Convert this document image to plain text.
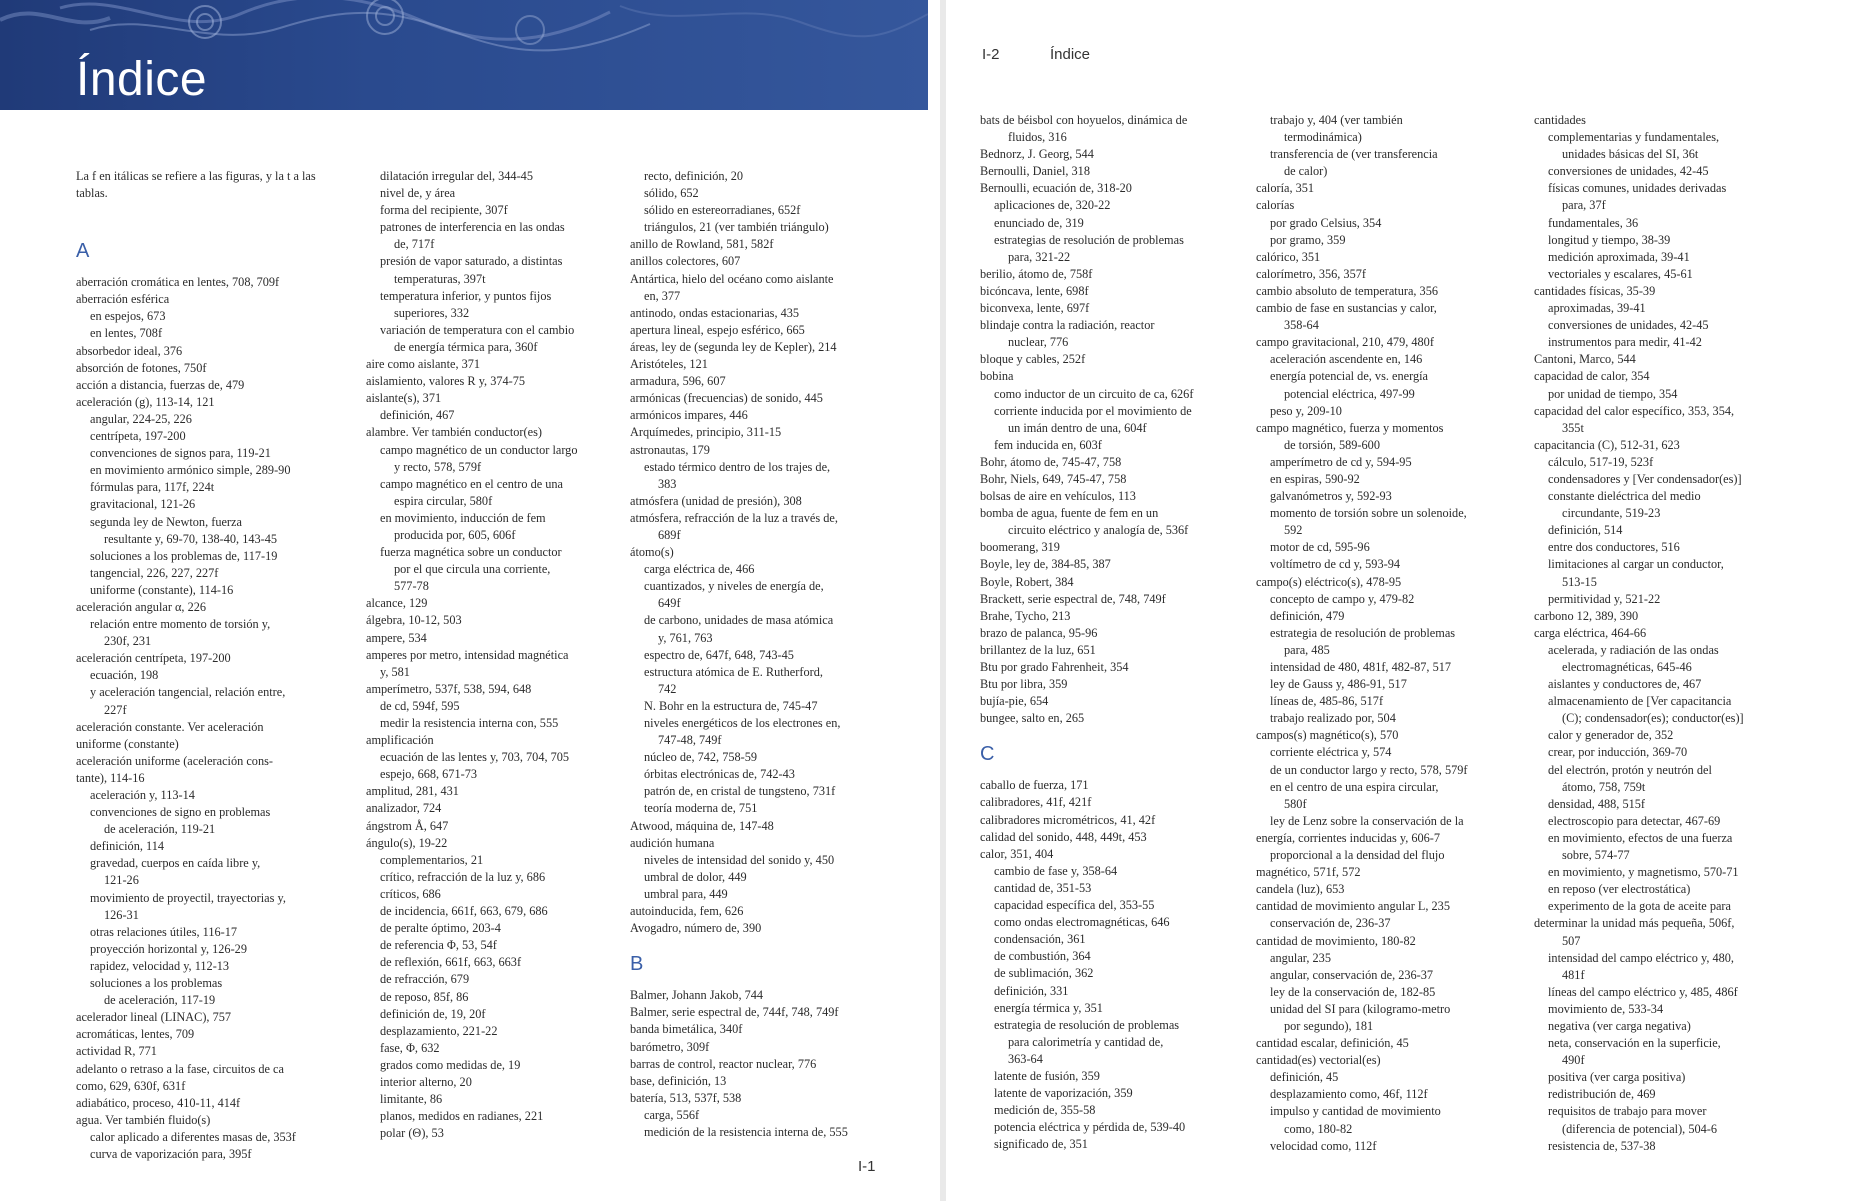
Índice
La f en itálicas se refiere a las figuras, y la t a las tablas.
A
aberración cromática en lentes, 708, 709f
aberración esférica
en espejos, 673
en lentes, 708f
absorbedor ideal, 376
absorción de fotones, 750f
acción a distancia, fuerzas de, 479
aceleración (g), 113-14, 121
angular, 224-25, 226
centrípeta, 197-200
convenciones de signos para, 119-21
en movimiento armónico simple, 289-90
fórmulas para, 117f, 224t
gravitacional, 121-26
segunda ley de Newton, fuerza
resultante y, 69-70, 138-40, 143-45
soluciones a los problemas de, 117-19
tangencial, 226, 227, 227f
uniforme (constante), 114-16
aceleración angular α, 226
relación entre momento de torsión y,
230f, 231
aceleración centrípeta, 197-200
ecuación, 198
y aceleración tangencial, relación entre,
227f
aceleración constante. Ver aceleración
uniforme (constante)
aceleración uniforme (aceleración cons-
tante), 114-16
aceleración y, 113-14
convenciones de signo en problemas
de aceleración, 119-21
definición, 114
gravedad, cuerpos en caída libre y,
121-26
movimiento de proyectil, trayectorias y,
126-31
otras relaciones útiles, 116-17
proyección horizontal y, 126-29
rapidez, velocidad y, 112-13
soluciones a los problemas
de aceleración, 117-19
acelerador lineal (LINAC), 757
acromáticas, lentes, 709
actividad R, 771
adelanto o retraso a la fase, circuitos de ca
como, 629, 630f, 631f
adiabático, proceso, 410-11, 414f
agua. Ver también fluido(s)
calor aplicado a diferentes masas de, 353f
curva de vaporización para, 395f
dilatación irregular del, 344-45
nivel de, y área
forma del recipiente, 307f
patrones de interferencia en las ondas
de, 717f
presión de vapor saturado, a distintas
temperaturas, 397t
temperatura inferior, y puntos fijos
superiores, 332
variación de temperatura con el cambio
de energía térmica para, 360f
aire como aislante, 371
aislamiento, valores R y, 374-75
aislante(s), 371
definición, 467
alambre. Ver también conductor(es)
campo magnético de un conductor largo
y recto, 578, 579f
campo magnético en el centro de una
espira circular, 580f
en movimiento, inducción de fem
producida por, 605, 606f
fuerza magnética sobre un conductor
por el que circula una corriente,
577-78
alcance, 129
álgebra, 10-12, 503
ampere, 534
amperes por metro, intensidad magnética
y, 581
amperímetro, 537f, 538, 594, 648
de cd, 594f, 595
medir la resistencia interna con, 555
amplificación
ecuación de las lentes y, 703, 704, 705
espejo, 668, 671-73
amplitud, 281, 431
analizador, 724
ángstrom Å, 647
ángulo(s), 19-22
complementarios, 21
crítico, refracción de la luz y, 686
críticos, 686
de incidencia, 661f, 663, 679, 686
de peralte óptimo, 203-4
de referencia Φ, 53, 54f
de reflexión, 661f, 663, 663f
de refracción, 679
de reposo, 85f, 86
definición de, 19, 20f
desplazamiento, 221-22
fase, Φ, 632
grados como medidas de, 19
interior alterno, 20
limitante, 86
planos, medidos en radianes, 221
polar (Θ), 53
recto, definición, 20
sólido, 652
sólido en estereorradianes, 652f
triángulos, 21 (ver también triángulo)
anillo de Rowland, 581, 582f
anillos colectores, 607
Antártica, hielo del océano como aislante
en, 377
antinodo, ondas estacionarias, 435
apertura lineal, espejo esférico, 665
áreas, ley de (segunda ley de Kepler), 214
Aristóteles, 121
armadura, 596, 607
armónicas (frecuencias) de sonido, 445
armónicos impares, 446
Arquímedes, principio, 311-15
astronautas, 179
estado térmico dentro de los trajes de,
383
atmósfera (unidad de presión), 308
atmósfera, refracción de la luz a través de,
689f
átomo(s)
carga eléctrica de, 466
cuantizados, y niveles de energía de,
649f
de carbono, unidades de masa atómica
y, 761, 763
espectro de, 647f, 648, 743-45
estructura atómica de E. Rutherford,
742
N. Bohr en la estructura de, 745-47
niveles energéticos de los electrones en,
747-48, 749f
núcleo de, 742, 758-59
órbitas electrónicas de, 742-43
patrón de, en cristal de tungsteno, 731f
teoría moderna de, 751
Atwood, máquina de, 147-48
audición humana
niveles de intensidad del sonido y, 450
umbral de dolor, 449
umbral para, 449
autoinducida, fem, 626
Avogadro, número de, 390
B
Balmer, Johann Jakob, 744
Balmer, serie espectral de, 744f, 748, 749f
banda bimetálica, 340f
barómetro, 309f
barras de control, reactor nuclear, 776
base, definición, 13
batería, 513, 537f, 538
carga, 556f
medición de la resistencia interna de, 555
I-1
I-2	Índice
bats de béisbol con hoyuelos, dinámica de
fluidos, 316
Bednorz, J. Georg, 544
Bernoulli, Daniel, 318
Bernoulli, ecuación de, 318-20
aplicaciones de, 320-22
enunciado de, 319
estrategias de resolución de problemas
para, 321-22
berilio, átomo de, 758f
bicóncava, lente, 698f
biconvexa, lente, 697f
blindaje contra la radiación, reactor
nuclear, 776
bloque y cables, 252f
bobina
como inductor de un circuito de ca, 626f
corriente inducida por el movimiento de
un imán dentro de una, 604f
fem inducida en, 603f
Bohr, átomo de, 745-47, 758
Bohr, Niels, 649, 745-47, 758
bolsas de aire en vehículos, 113
bomba de agua, fuente de fem en un
circuito eléctrico y analogía de, 536f
boomerang, 319
Boyle, ley de, 384-85, 387
Boyle, Robert, 384
Brackett, serie espectral de, 748, 749f
Brahe, Tycho, 213
brazo de palanca, 95-96
brillantez de la luz, 651
Btu por grado Fahrenheit, 354
Btu por libra, 359
bujía-pie, 654
bungee, salto en, 265
C
caballo de fuerza, 171
calibradores, 41f, 421f
calibradores micrométricos, 41, 42f
calidad del sonido, 448, 449t, 453
calor, 351, 404
cambio de fase y, 358-64
cantidad de, 351-53
capacidad específica del, 353-55
como ondas electromagnéticas, 646
condensación, 361
de combustión, 364
de sublimación, 362
definición, 331
energía térmica y, 351
estrategia de resolución de problemas
para calorimetría y cantidad de,
363-64
latente de fusión, 359
latente de vaporización, 359
medición de, 355-58
potencia eléctrica y pérdida de, 539-40
significado de, 351
trabajo y, 404 (ver también
termodinámica)
transferencia de (ver transferencia
de calor)
caloría, 351
calorías
por grado Celsius, 354
por gramo, 359
calórico, 351
calorímetro, 356, 357f
cambio absoluto de temperatura, 356
cambio de fase en sustancias y calor,
358-64
campo gravitacional, 210, 479, 480f
aceleración ascendente en, 146
energía potencial de, vs. energía
potencial eléctrica, 497-99
peso y, 209-10
campo magnético, fuerza y momentos
de torsión, 589-600
amperímetro de cd y, 594-95
en espiras, 590-92
galvanómetros y, 592-93
momento de torsión sobre un solenoide,
592
motor de cd, 595-96
voltímetro de cd y, 593-94
campo(s) eléctrico(s), 478-95
concepto de campo y, 479-82
definición, 479
estrategia de resolución de problemas
para, 485
intensidad de 480, 481f, 482-87, 517
ley de Gauss y, 486-91, 517
líneas de, 485-86, 517f
trabajo realizado por, 504
campos(s) magnético(s), 570
corriente eléctrica y, 574
de un conductor largo y recto, 578, 579f
en el centro de una espira circular,
580f
ley de Lenz sobre la conservación de la
energía, corrientes inducidas y, 606-7
proporcional a la densidad del flujo
magnético, 571f, 572
candela (luz), 653
cantidad de movimiento angular L, 235
conservación de, 236-37
cantidad de movimiento, 180-82
angular, 235
angular, conservación de, 236-37
ley de la conservación de, 182-85
unidad del SI para (kilogramo-metro
por segundo), 181
cantidad escalar, definición, 45
cantidad(es) vectorial(es)
definición, 45
desplazamiento como, 46f, 112f
impulso y cantidad de movimiento
como, 180-82
velocidad como, 112f
cantidades
complementarias y fundamentales,
unidades básicas del SI, 36t
conversiones de unidades, 42-45
físicas comunes, unidades derivadas
para, 37f
fundamentales, 36
longitud y tiempo, 38-39
medición aproximada, 39-41
vectoriales y escalares, 45-61
cantidades físicas, 35-39
aproximadas, 39-41
conversiones de unidades, 42-45
instrumentos para medir, 41-42
Cantoni, Marco, 544
capacidad de calor, 354
por unidad de tiempo, 354
capacidad del calor específico, 353, 354,
355t
capacitancia (C), 512-31, 623
cálculo, 517-19, 523f
condensadores y [Ver condensador(es)]
constante dieléctrica del medio
circundante, 519-23
definición, 514
entre dos conductores, 516
limitaciones al cargar un conductor,
513-15
permitividad y, 521-22
carbono 12, 389, 390
carga eléctrica, 464-66
acelerada, y radiación de las ondas
electromagnéticas, 645-46
aislantes y conductores de, 467
almacenamiento de [Ver capacitancia
(C); condensador(es); conductor(es)]
calor y generador de, 352
crear, por inducción, 369-70
del electrón, protón y neutrón del
átomo, 758, 759t
densidad, 488, 515f
electroscopio para detectar, 467-69
en movimiento, efectos de una fuerza
sobre, 574-77
en movimiento, y magnetismo, 570-71
en reposo (ver electrostática)
experimento de la gota de aceite para
determinar la unidad más pequeña, 506f,
507
intensidad del campo eléctrico y, 480,
481f
líneas del campo eléctrico y, 485, 486f
movimiento de, 533-34
negativa (ver carga negativa)
neta, conservación en la superficie,
490f
positiva (ver carga positiva)
redistribución de, 469
requisitos de trabajo para mover
(diferencia de potencial), 504-6
resistencia de, 537-38
